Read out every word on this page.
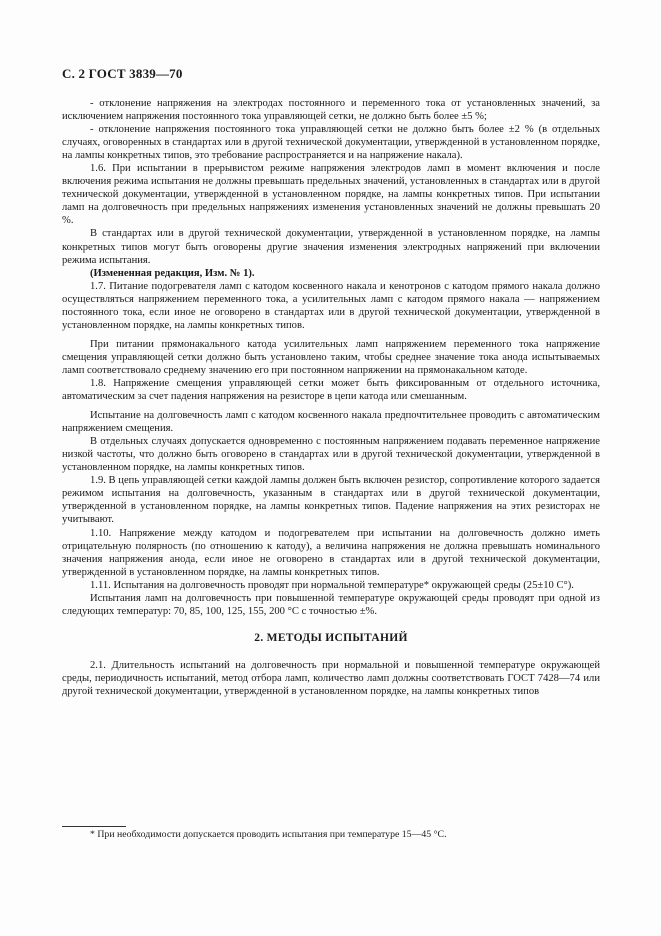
С. 2 ГОСТ 3839—70

- отклонение напряжения на электродах постоянного и переменного тока от установленных значений, за исключением напряжения постоянного тока управляющей сетки, не должно быть более ±5 %;

- отклонение напряжения постоянного тока управляющей сетки не должно быть более ±2 % (в отдельных случаях, оговоренных в стандартах или в другой технической документации, утвержденной в установленном порядке, на лампы конкретных типов, это требование распространяется и на напряжение накала).

1.6. При испытании в прерывистом режиме напряжения электродов ламп в момент включения и после включения режима испытания не должны превышать предельных значений, установленных в стандартах или в другой технической документации, утвержденной в установленном порядке, на лампы конкретных типов. При испытании ламп на долговечность при предельных напряжениях изменения установленных значений не должны превышать 20 %.

В стандартах или в другой технической документации, утвержденной в установленном порядке, на лампы конкретных типов могут быть оговорены другие значения изменения электродных напряжений при включении режима испытания.

(Измененная редакция, Изм. № 1).

1.7. Питание подогревателя ламп с катодом косвенного накала и кенотронов с катодом прямого накала должно осуществляться напряжением переменного тока, а усилительных ламп с катодом прямого накала — напряжением постоянного тока, если иное не оговорено в стандартах или в другой технической документации, утвержденной в установленном порядке, на лампы конкретных типов.

При питании прямонакального катода усилительных ламп напряжением переменного тока напряжение смещения управляющей сетки должно быть установлено таким, чтобы среднее значение тока анода испытываемых ламп соответствовало среднему значению его при постоянном напряжении на прямонакальном катоде.

1.8. Напряжение смещения управляющей сетки может быть фиксированным от отдельного источника, автоматическим за счет падения напряжения на резисторе в цепи катода или смешанным.

Испытание на долговечность ламп с катодом косвенного накала предпочтительнее проводить с автоматическим напряжением смещения.

В отдельных случаях допускается одновременно с постоянным напряжением подавать переменное напряжение низкой частоты, что должно быть оговорено в стандартах или в другой технической документации, утвержденной в установленном порядке, на лампы конкретных типов.

1.9. В цепь управляющей сетки каждой лампы должен быть включен резистор, сопротивление которого задается режимом испытания на долговечность, указанным в стандартах или в другой технической документации, утвержденной в установленном порядке, на лампы конкретных типов. Падение напряжения на этих резисторах не учитывают.

1.10. Напряжение между катодом и подогревателем при испытании на долговечность должно иметь отрицательную полярность (по отношению к катоду), а величина напряжения не должна превышать номинального значения напряжения анода, если иное не оговорено в стандартах или в другой технической документации, утвержденной в установленном порядке, на лампы конкретных типов.

1.11. Испытания на долговечность проводят при нормальной температуре* окружающей среды (25±10 С°).

Испытания ламп на долговечность при повышенной температуре окружающей среды проводят при одной из следующих температур: 70, 85, 100, 125, 155, 200 °С с точностью ±%.

2. МЕТОДЫ ИСПЫТАНИЙ

2.1. Длительность испытаний на долговечность при нормальной и повышенной температуре окружающей среды, периодичность испытаний, метод отбора ламп, количество ламп должны соответствовать ГОСТ 7428—74 или другой технической документации, утвержденной в установленном порядке, на лампы конкретных типов

* При необходимости допускается проводить испытания при температуре 15—45 °С.
